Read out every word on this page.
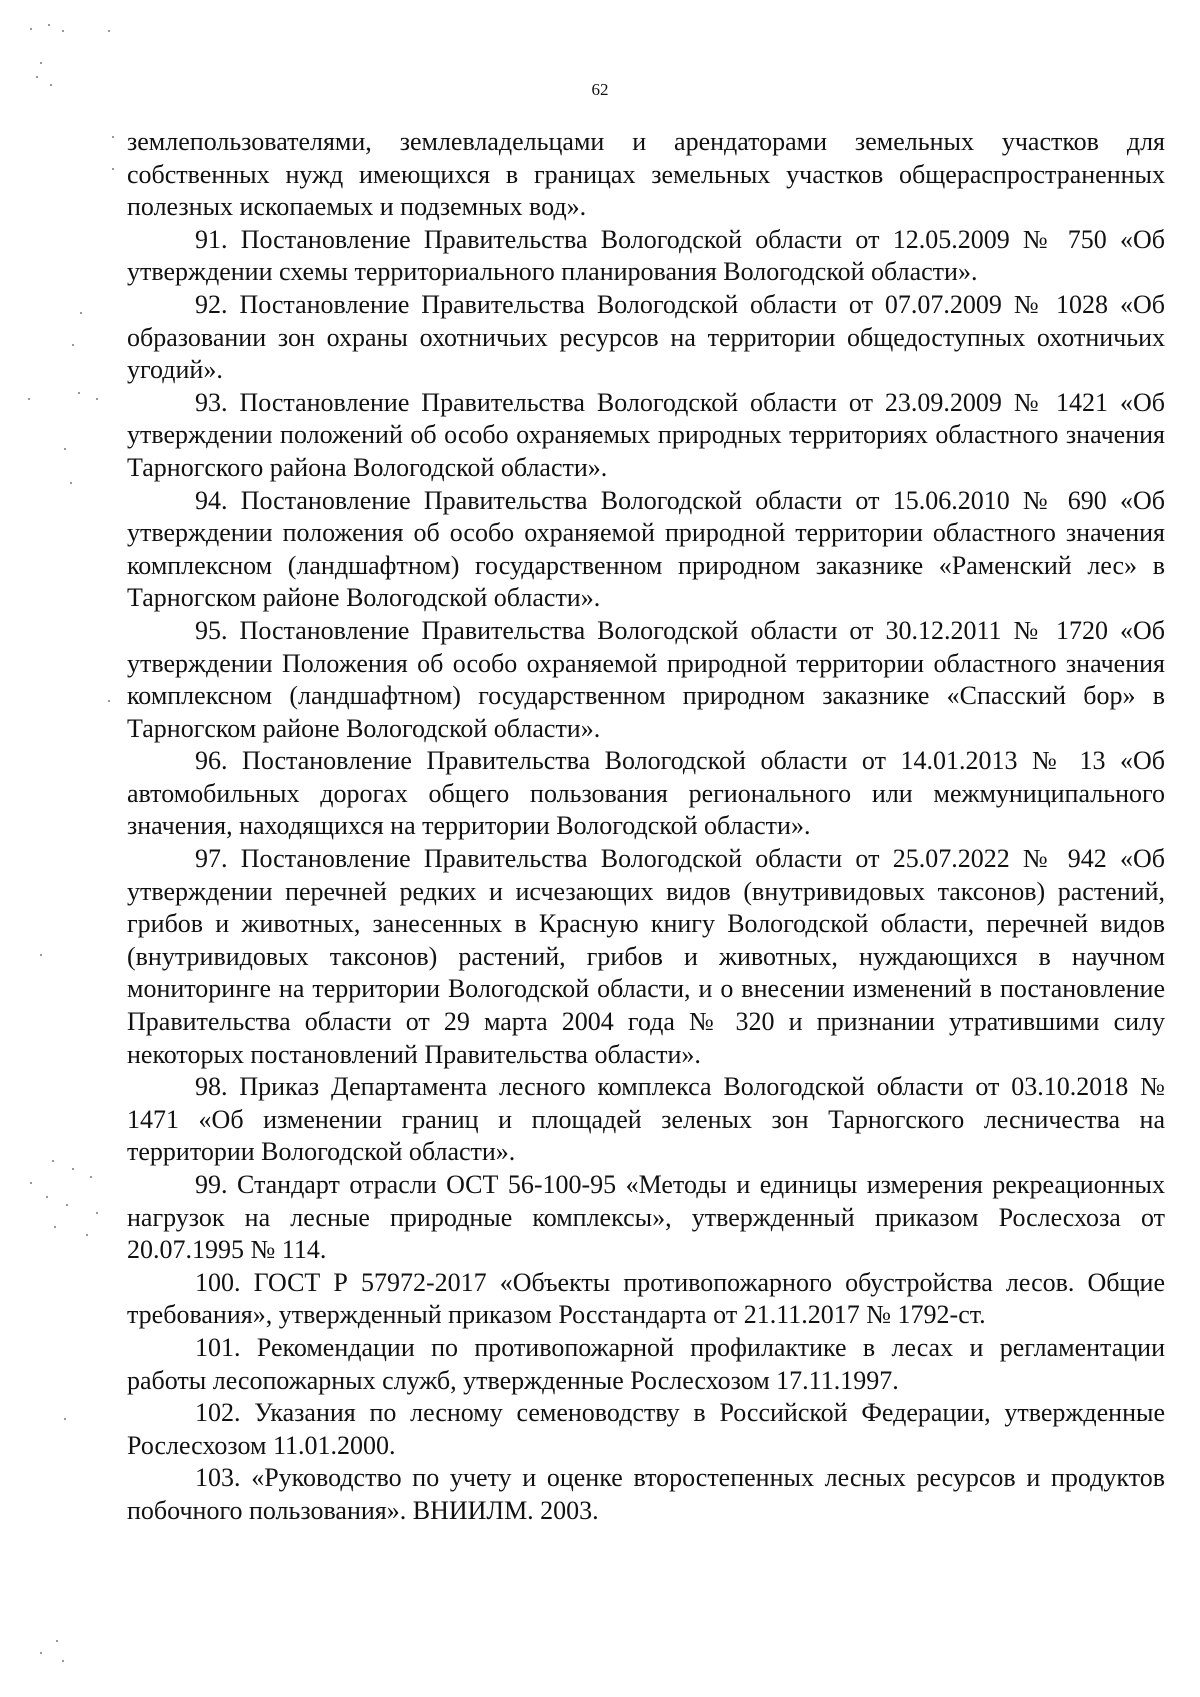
62

землепользователями, землевладельцами и арендаторами земельных участков для собственных нужд имеющихся в границах земельных участков общераспространенных полезных ископаемых и подземных вод».

91. Постановление Правительства Вологодской области от 12.05.2009 № 750 «Об утверждении схемы территориального планирования Вологодской области».

92. Постановление Правительства Вологодской области от 07.07.2009 № 1028 «Об образовании зон охраны охотничьих ресурсов на территории общедоступных охотничьих угодий».

93. Постановление Правительства Вологодской области от 23.09.2009 № 1421 «Об утверждении положений об особо охраняемых природных территориях областного значения Тарногского района Вологодской области».

94. Постановление Правительства Вологодской области от 15.06.2010 № 690 «Об утверждении положения об особо охраняемой природной территории областного значения комплексном (ландшафтном) государственном природном заказнике «Раменский лес» в Тарногском районе Вологодской области».

95. Постановление Правительства Вологодской области от 30.12.2011 № 1720 «Об утверждении Положения об особо охраняемой природной территории областного значения комплексном (ландшафтном) государственном природном заказнике «Спасский бор» в Тарногском районе Вологодской области».

96. Постановление Правительства Вологодской области от 14.01.2013 № 13 «Об автомобильных дорогах общего пользования регионального или межмуниципального значения, находящихся на территории Вологодской области».

97. Постановление Правительства Вологодской области от 25.07.2022 № 942 «Об утверждении перечней редких и исчезающих видов (внутривидовых таксонов) растений, грибов и животных, занесенных в Красную книгу Вологодской области, перечней видов (внутривидовых таксонов) растений, грибов и животных, нуждающихся в научном мониторинге на территории Вологодской области, и о внесении изменений в постановление Правительства области от 29 марта 2004 года № 320 и признании утратившими силу некоторых постановлений Правительства области».

98. Приказ Департамента лесного комплекса Вологодской области от 03.10.2018 № 1471 «Об изменении границ и площадей зеленых зон Тарногского лесничества на территории Вологодской области».

99. Стандарт отрасли ОСТ 56-100-95 «Методы и единицы измерения рекреационных нагрузок на лесные природные комплексы», утвержденный приказом Рослесхоза от 20.07.1995 № 114.

100. ГОСТ Р 57972-2017 «Объекты противопожарного обустройства лесов. Общие требования», утвержденный приказом Росстандарта от 21.11.2017 № 1792-ст.

101. Рекомендации по противопожарной профилактике в лесах и регламентации работы лесопожарных служб, утвержденные Рослесхозом 17.11.1997.

102. Указания по лесному семеноводству в Российской Федерации, утвержденные Рослесхозом 11.01.2000.

103. «Руководство по учету и оценке второстепенных лесных ресурсов и продуктов побочного пользования». ВНИИЛМ. 2003.
